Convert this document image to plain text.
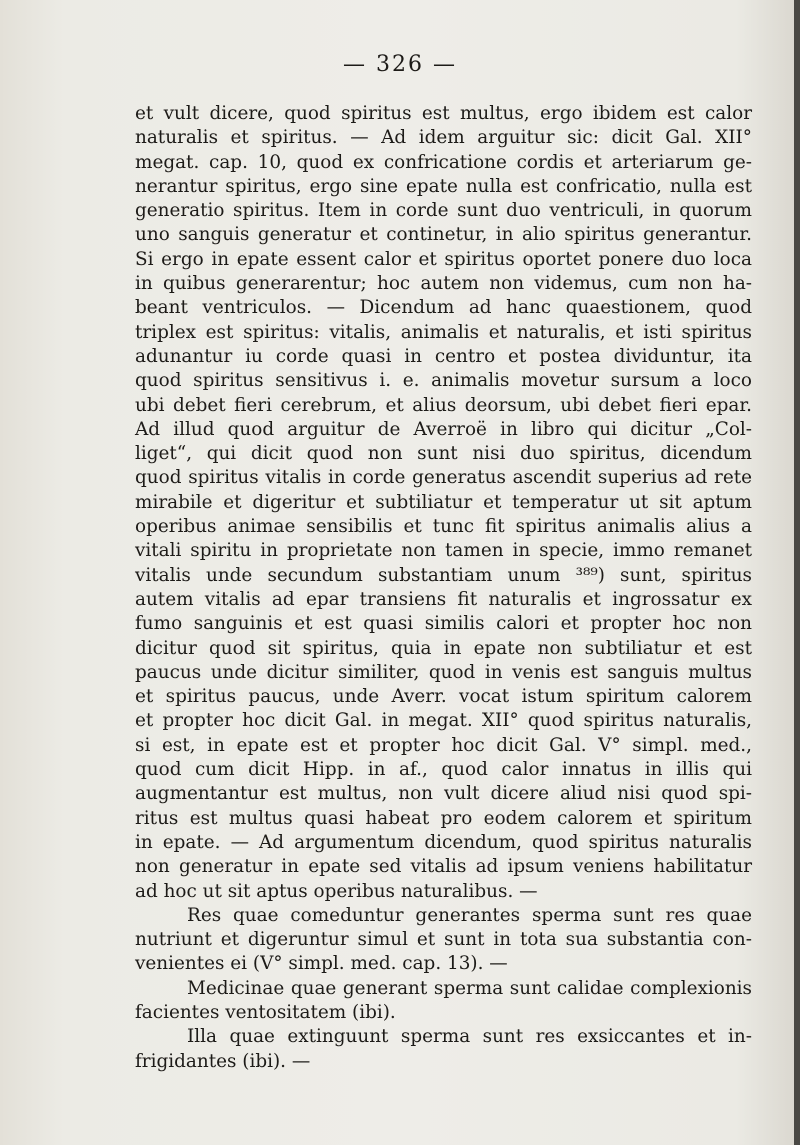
— 326 —
et vult dicere, quod spiritus est multus, ergo ibidem est calor
naturalis et spiritus. — Ad idem arguitur sic: dicit Gal. XII°
megat. cap. 10, quod ex confricatione cordis et arteriarum ge-
nerantur spiritus, ergo sine epate nulla est confricatio, nulla est
generatio spiritus. Item in corde sunt duo ventriculi, in quorum
uno sanguis generatur et continetur, in alio spiritus generantur.
Si ergo in epate essent calor et spiritus oportet ponere duo loca
in quibus generarentur; hoc autem non videmus, cum non ha-
beant ventriculos. — Dicendum ad hanc quaestionem, quod
triplex est spiritus: vitalis, animalis et naturalis, et isti spiritus
adunantur iu corde quasi in centro et postea dividuntur, ita
quod spiritus sensitivus i. e. animalis movetur sursum a loco
ubi debet fieri cerebrum, et alius deorsum, ubi debet fieri epar.
Ad illud quod arguitur de Averroë in libro qui dicitur „Col-
liget“, qui dicit quod non sunt nisi duo spiritus, dicendum
quod spiritus vitalis in corde generatus ascendit superius ad rete
mirabile et digeritur et subtiliatur et temperatur ut sit aptum
operibus animae sensibilis et tunc fit spiritus animalis alius a
vitali spiritu in proprietate non tamen in specie, immo remanet
vitalis unde secundum substantiam unum ³⁸⁹) sunt, spiritus
autem vitalis ad epar transiens fit naturalis et ingrossatur ex
fumo sanguinis et est quasi similis calori et propter hoc non
dicitur quod sit spiritus, quia in epate non subtiliatur et est
paucus unde dicitur similiter, quod in venis est sanguis multus
et spiritus paucus, unde Averr. vocat istum spiritum calorem
et propter hoc dicit Gal. in megat. XII° quod spiritus naturalis,
si est, in epate est et propter hoc dicit Gal. V° simpl. med.,
quod cum dicit Hipp. in af., quod calor innatus in illis qui
augmentantur est multus, non vult dicere aliud nisi quod spi-
ritus est multus quasi habeat pro eodem calorem et spiritum
in epate. — Ad argumentum dicendum, quod spiritus naturalis
non generatur in epate sed vitalis ad ipsum veniens habilitatur
ad hoc ut sit aptus operibus naturalibus. —
Res quae comeduntur generantes sperma sunt res quae
nutriunt et digeruntur simul et sunt in tota sua substantia con-
venientes ei (V° simpl. med. cap. 13). —
Medicinae quae generant sperma sunt calidae complexionis
facientes ventositatem (ibi).
Illa quae extinguunt sperma sunt res exsiccantes et in-
frigidantes (ibi). —
